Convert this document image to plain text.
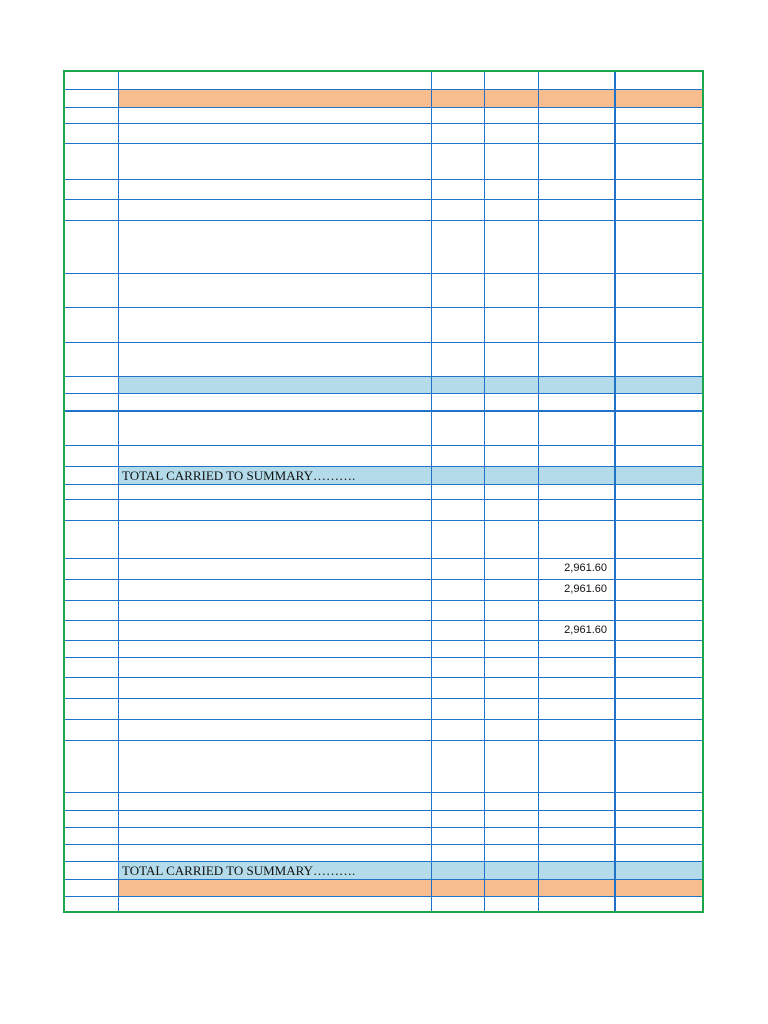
TOTAL CARRIED TO SUMMARY……….
2,961.60
2,961.60
2,961.60
TOTAL CARRIED TO SUMMARY……….
